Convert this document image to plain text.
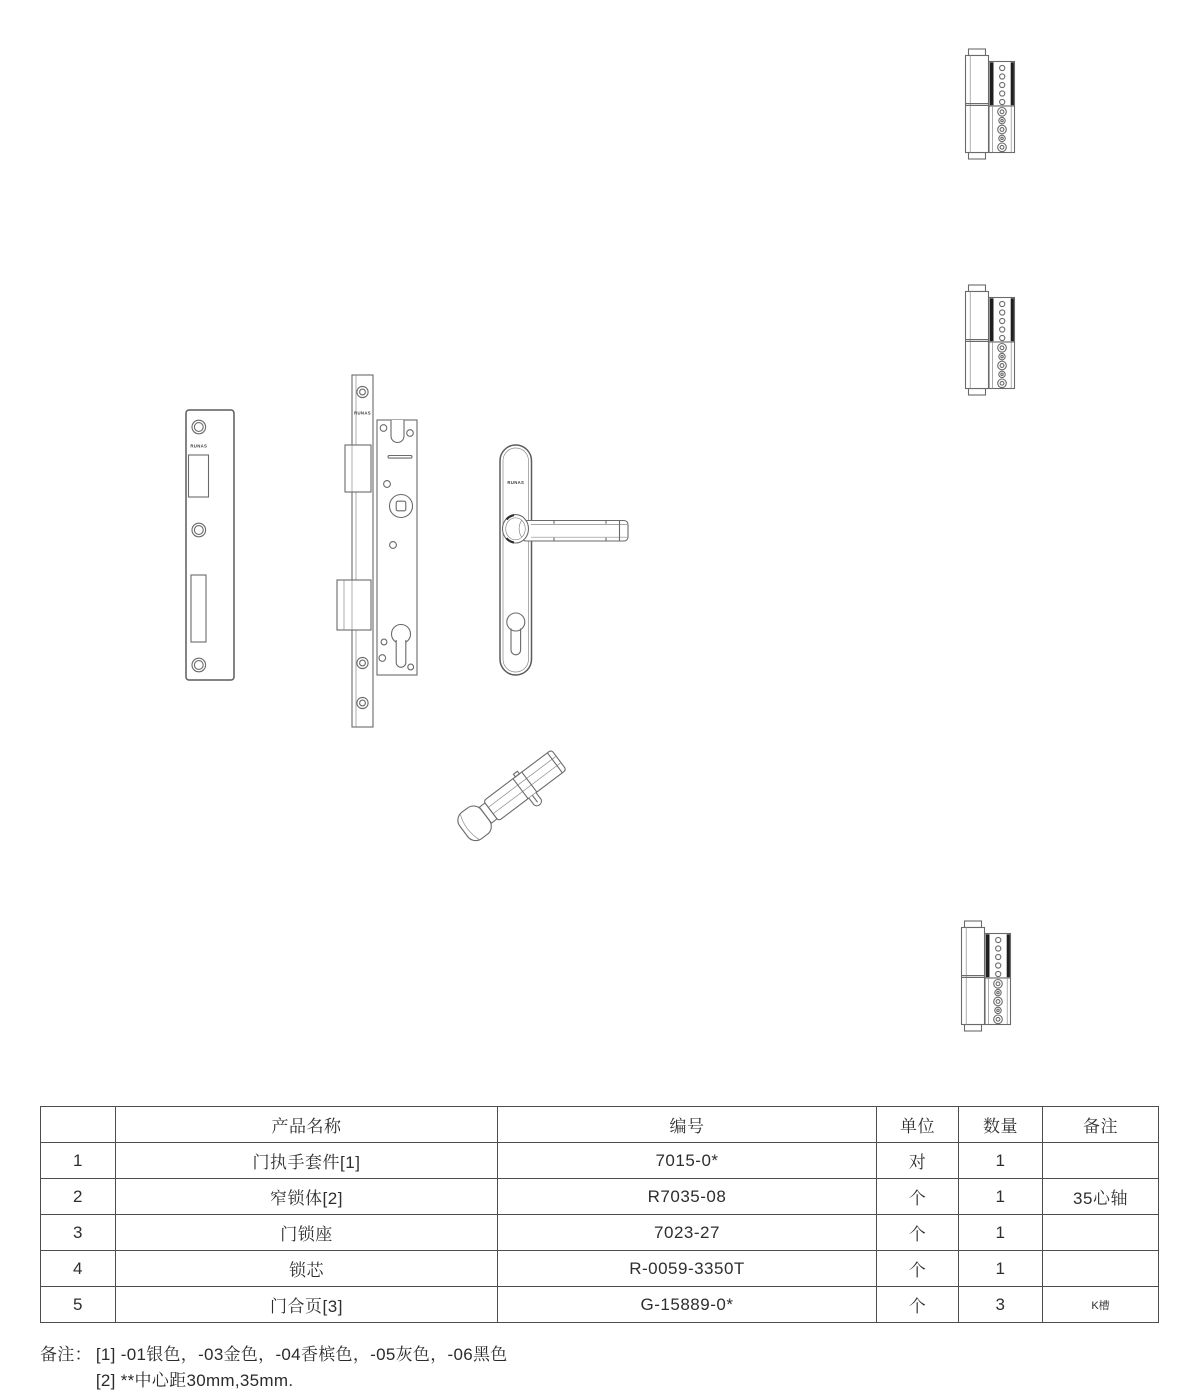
RUNAS
RUNAS
RUNAS
	产品名称	编号	单位	数量	备注
1	门执手套件[1]	7015-0*	对	1	
2	窄锁体[2]	R7035-08	个	1	35心轴
3	门锁座	7023-27	个	1	
4	锁芯	R-0059-3350T	个	1	
5	门合页[3]	G-15889-0*	个	3	K槽
备注： [1] -01银色，-03金色，-04香槟色，-05灰色，-06黑色
[2] **中心距30mm,35mm.
